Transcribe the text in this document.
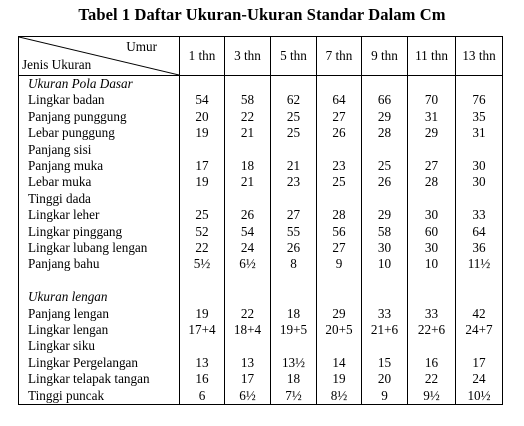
Tabel 1 Daftar Ukuran-Ukuran Standar Dalam Cm
Umur
Jenis Ukuran	1 thn	3 thn	5 thn	7 thn	9 thn	11 thn	13 thn
Ukuran Pola Dasar							
Lingkar badan	54	58	62	64	66	70	76
Panjang punggung	20	22	25	27	29	31	35
Lebar punggung	19	21	25	26	28	29	31
Panjang sisi							
Panjang muka	17	18	21	23	25	27	30
Lebar muka	19	21	23	25	26	28	30
Tinggi dada							
Lingkar leher	25	26	27	28	29	30	33
Lingkar pinggang	52	54	55	56	58	60	64
Lingkar lubang lengan	22	24	26	27	30	30	36
Panjang bahu	5½	6½	8	9	10	10	11½

Ukuran lengan							
Panjang lengan	19	22	18	29	33	33	42
Lingkar lengan	17+4	18+4	19+5	20+5	21+6	22+6	24+7
Lingkar siku							
Lingkar Pergelangan	13	13	13½	14	15	16	17
Lingkar telapak tangan	16	17	18	19	20	22	24
Tinggi puncak	6	6½	7½	8½	9	9½	10½
